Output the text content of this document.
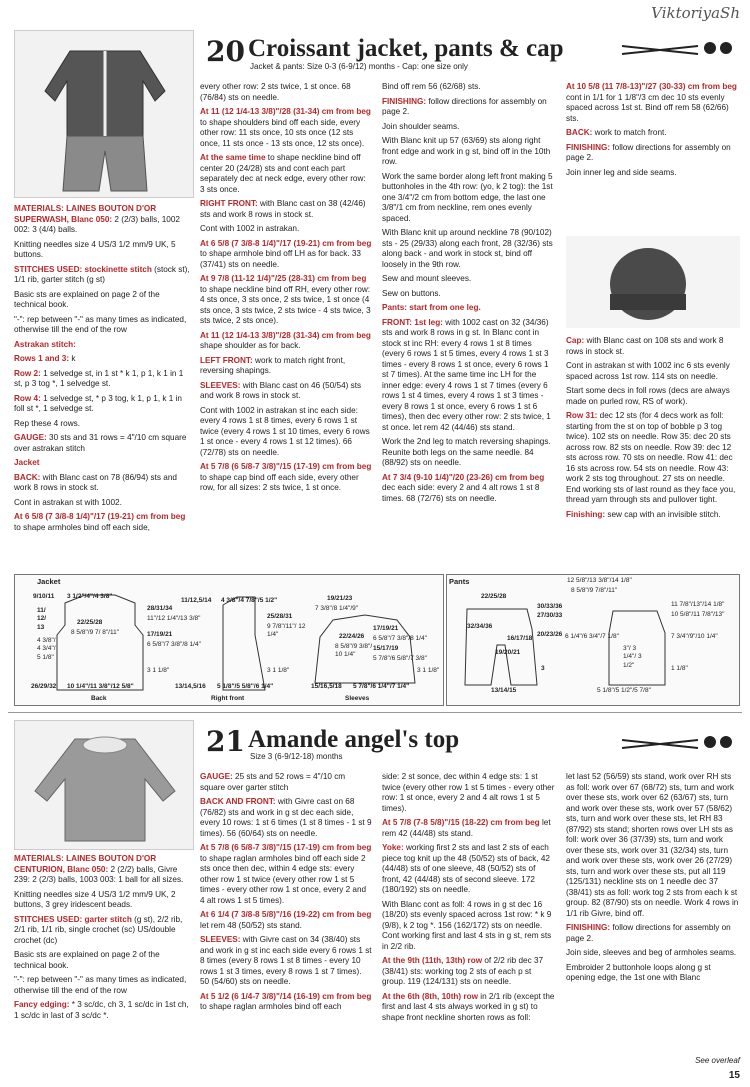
ViktoriyaSh
20 Croissant jacket, pants & cap
Jacket & pants: Size 0-3 (6-9/12) months - Cap: one size only

MATERIALS: LAINES BOUTON D'OR SUPERWASH, Blanc 050: 2 (2/3) balls, 1002 002: 3 (4/4) balls.

Knitting needles size 4 US/3 1/2 mm/9 UK, 5 buttons.

STITCHES USED: stockinette stitch (stock st), 1/1 rib, garter stitch (g st)

Basic sts are explained on page 2 of the technical book.

"-": rep between "-" as many times as indicated, otherwise till the end of the row

Astrakan stitch:

Rows 1 and 3: k

Row 2: 1 selvedge st, in 1 st * k 1, p 1, k 1 in 1 st, p 3 tog *, 1 selvedge st.

Row 4: 1 selvedge st, * p 3 tog, k 1, p 1, k 1 in foll st *, 1 selvedge st.

Rep these 4 rows.

GAUGE: 30 sts and 31 rows = 4"/10 cm square over astrakan stitch

Jacket

BACK: with Blanc cast on 78 (86/94) sts and work 8 rows in stock st.

Cont in astrakan st with 1002.

At 6 5/8 (7 3/8-8 1/4)"/17 (19-21) cm from beg to shape armholes bind off each side,

every other row: 2 sts twice, 1 st once. 68 (76/84) sts on needle.

At 11 (12 1/4-13 3/8)"/28 (31-34) cm from beg to shape shoulders bind off each side, every other row: 11 sts once, 10 sts once (12 sts once, 11 sts once - 13 sts once, 12 sts once).

At the same time to shape neckline bind off center 20 (24/28) sts and cont each part separately dec at neck edge, every other row: 3 sts once.

RIGHT FRONT: with Blanc cast on 38 (42/46) sts and work 8 rows in stock st.

Cont with 1002 in astrakan.

At 6 5/8 (7 3/8-8 1/4)"/17 (19-21) cm from beg to shape armhole bind off LH as for back. 33 (37/41) sts on needle.

At 9 7/8 (11-12 1/4)"/25 (28-31) cm from beg to shape neckline bind off RH, every other row: 4 sts once, 3 sts once, 2 sts twice, 1 st once (4 sts once, 3 sts twice, 2 sts twice - 4 sts twice, 3 sts twice, 2 sts once).

At 11 (12 1/4-13 3/8)"/28 (31-34) cm from beg shape shoulder as for back.

LEFT FRONT: work to match right front, reversing shapings.

SLEEVES: with Blanc cast on 46 (50/54) sts and work 8 rows in stock st.

Cont with 1002 in astrakan st inc each side: every 4 rows 1 st 8 times, every 6 rows 1 st twice (every 4 rows 1 st 10 times, every 6 rows 1 st once - every 4 rows 1 st 12 times). 66 (72/78) sts on needle.

At 5 7/8 (6 5/8-7 3/8)"/15 (17-19) cm from beg to shape cap bind off each side, every other row, for all sizes: 2 sts twice, 1 st once.

Bind off rem 56 (62/68) sts.

FINISHING: follow directions for assembly on page 2.

Join shoulder seams.

With Blanc knit up 57 (63/69) sts along right front edge and work in g st, bind off in the 10th row.

Work the same border along left front making 5 buttonholes in the 4th row: (yo, k 2 tog): the 1st one 3/4"/2 cm from bottom edge, the last one 3/8"/1 cm from neckline, rem ones evenly spaced.

With Blanc knit up around neckline 78 (90/102) sts - 25 (29/33) along each front, 28 (32/36) sts along back - and work in stock st, bind off loosely in the 9th row.

Sew and mount sleeves.

Sew on buttons.

Pants: start from one leg.

FRONT: 1st leg: with 1002 cast on 32 (34/36) sts and work 8 rows in g st. In Blanc cont in stock st inc RH: every 4 rows 1 st 8 times (every 6 rows 1 st 5 times, every 4 rows 1 st 3 times - every 8 rows 1 st once, every 6 rows 1 st 7 times). At the same time inc LH for the inner edge: every 4 rows 1 st 7 times (every 6 rows 1 st 4 times, every 4 rows 1 st 3 times - every 8 rows 1 st once, every 6 rows 1 st 6 times), then dec every other row: 2 sts twice, 1 st once. let rem 42 (44/46) sts stand.

Work the 2nd leg to match reversing shapings. Reunite both legs on the same needle. 84 (88/92) sts on needle.

At 7 3/4 (9-10 1/4)"/20 (23-26) cm from beg dec each side: every 2 and 4 alt rows 1 st 8 times. 68 (72/76) sts on needle.

At 10 5/8 (11 7/8-13)"/27 (30-33) cm from beg cont in 1/1 for 1 1/8"/3 cm dec 10 sts evenly spaced across 1st st. Bind off rem 58 (62/66) sts.

BACK: work to match front.

FINISHING: follow directions for assembly on page 2.

Join inner leg and side seams.

Cap: with Blanc cast on 108 sts and work 8 rows in stock st.

Cont in astrakan st with 1002 inc 6 sts evenly spaced across 1st row. 114 sts on needle.

Start some decs in foll rows (decs are always made on purled row, RS of work).

Row 31: dec 12 sts (for 4 decs work as foll: starting from the st on top of bobble p 3 tog twice). 102 sts on needle. Row 35: dec 20 sts across row. 82 sts on needle. Row 39: dec 12 sts across row. 70 sts on needle. Row 41: dec 16 sts across row. 54 sts on needle. Row 43: work 2 sts tog throughout. 27 sts on needle. End working sts of last round as they face you, thread yarn through sts and pullover tight.

Finishing: sew cap with an invisible stitch.

Jacket
9/10/11 3 1/2"/4"/4 3/8"
11/ 12/ 13
4 3/8"/ 4 3/4"/ 5 1/8"
22/25/28
8 5/8"/9 7/ 8"/11"
28/31/34
11"/12 1/4"/13 3/8"
17/19/21
6 5/8"/7 3/8"/8 1/4"
3 1 1/8"
26/29/32 10 1/4"/11 3/8"/12 5/8"
Back
11/12,5/14 4 3/8"/4 7/8"/5 1/2"
25/28/31
9 7/8"/11"/ 12 1/4"
3 1 1/8"
13/14,5/16 5 1/8"/5 5/8"/6 1/4"
Right front
19/21/23
7 3/8"/8 1/4"/9"
22/24/26
8 5/8"/9 3/8"/ 10 1/4"
17/19/21
6 5/8"/7 3/8"/8 1/4"
15/17/19
5 7/8"/6 5/8"/7 3/8"
3 1 1/8"
15/16,5/18 5 7/8"/6 1/4"/7 1/4"
Sleeves
Pants
22/25/28
30/33/36
27/30/33
32/34/36
16/17/18
20/23/26
19/20/21
3
13/14/15
12 5/8"/13 3/8"/14 1/8"
8 5/8"/9 7/8"/11"
11 7/8"/13"/14 1/8"
10 5/8"/11 7/8"/13"
6 1/4"/6 3/4"/7 1/8"	7 3/4"/9"/10 1/4"
3"/ 3 1/4"/ 3 1/2"	1 1/8"
5 1/8"/5 1/2"/5 7/8"
21 Amande angel's top
Size 3 (6-9/12-18) months

MATERIALS: LAINES BOUTON D'OR CENTURION, Blanc 050: 2 (2/2) balls, Givre 239: 2 (2/3) balls, 1003 003: 1 ball for all sizes.

Knitting needles size 4 US/3 1/2 mm/9 UK, 2 buttons, 3 grey iridescent beads.

STITCHES USED: garter stitch (g st), 2/2 rib, 2/1 rib, 1/1 rib, single crochet (sc) US/double crochet (dc)

Basic sts are explained on page 2 of the technical book.

"-": rep between "-" as many times as indicated, otherwise till the end of the row

Fancy edging: * 3 sc/dc, ch 3, 1 sc/dc in 1st ch, 1 sc/dc in last of 3 sc/dc *.

GAUGE: 25 sts and 52 rows = 4"/10 cm square over garter stitch

BACK AND FRONT: with Givre cast on 68 (76/82) sts and work in g st dec each side, every 10 rows: 1 st 6 times (1 st 8 times - 1 st 9 times). 56 (60/64) sts on needle.

At 5 7/8 (6 5/8-7 3/8)"/15 (17-19) cm from beg to shape raglan armholes bind off each side 2 sts once then dec, within 4 edge sts: every other row 1 st twice (every other row 1 st 5 times - every other row 1 st once, every 2 and 4 alt rows 1 st 5 times).

At 6 1/4 (7 3/8-8 5/8)"/16 (19-22) cm from beg let rem 48 (50/52) sts stand.

SLEEVES: with Givre cast on 34 (38/40) sts and work in g st inc each side every 6 rows 1 st 8 times (every 8 rows 1 st 8 times - every 10 rows 1 st 3 times, every 8 rows 1 st 7 times). 50 (54/60) sts on needle.

At 5 1/2 (6 1/4-7 3/8)"/14 (16-19) cm from beg to shape raglan armholes bind off each

side: 2 st sonce, dec within 4 edge sts: 1 st twice (every other row 1 st 5 times - every other row: 1 st once, every 2 and 4 alt rows 1 st 5 times).

At 5 7/8 (7-8 5/8)"/15 (18-22) cm from beg let rem 42 (44/48) sts stand.

Yoke: working first 2 sts and last 2 sts of each piece tog knit up the 48 (50/52) sts of back, 42 (44/48) sts of one sleeve, 48 (50/52) sts of front, 42 (44/48) sts of second sleeve. 172 (180/192) sts on needle.

With Blanc cont as foll: 4 rows in g st dec 16 (18/20) sts evenly spaced across 1st row: * k 9 (9/8), k 2 tog *. 156 (162/172) sts on needle. Cont working first and last 4 sts in g st, rem sts in 2/2 rib.

At the 9th (11th, 13th) row of 2/2 rib dec 37 (38/41) sts: working tog 2 sts of each p st group. 119 (124/131) sts on needle.

At the 6th (8th, 10th) row in 2/1 rib (except the first and last 4 sts always worked in g st) to shape front neckline shorten rows as foll:

let last 52 (56/59) sts stand, work over RH sts as foll: work over 67 (68/72) sts, turn and work over these sts, work over 62 (63/67) sts, turn and work over these sts, work over 57 (58/62) sts, turn and work over these sts, let RH 83 (87/92) sts stand; shorten rows over LH sts as foll: work over 36 (37/39) sts, turn and work over these sts, work over 31 (32/34) sts, turn and work over these sts, work over 26 (27/29) sts, turn and work over these sts, put all 119 (125/131) neckline sts on 1 needle dec 37 (38/41) sts as foll: work tog 2 sts from each k st group. 82 (87/90) sts on needle. Work 4 rows in 1/1 rib Givre, bind off.

FINISHING: follow directions for assembly on page 2.

Join side, sleeves and beg of armholes seams.

Embroider 2 buttonhole loops along g st opening edge, the 1st one with Blanc

See overleaf
15
